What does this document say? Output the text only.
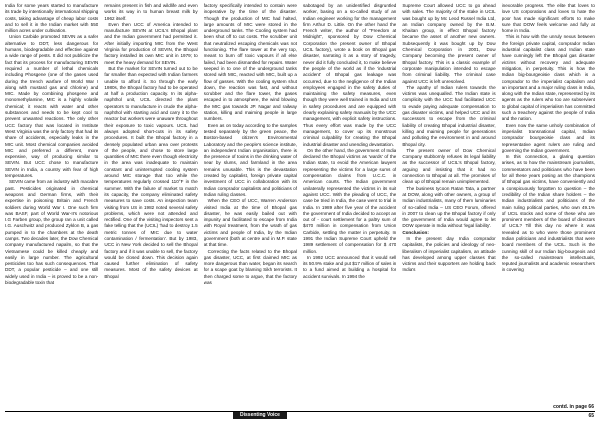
India for some years started to manufacture its trade by intentionally international shipping costs, taking advantage of cheap labor costs and to sell it in the Indian market with 550 million acres under cultivation.

Union Carbide promoted SEVIN as a safer alternative to DDT, less dangerous for humans, biodegradable and effective against a wide range of pests. It did not publicize the fact that its process for manufacturing SEVIN required a number of lethal chemicals including Phosgene (one of the gases used during the trench warfare of World War I along with mustard gas and chlorine) and MIC. Made by combining phosgene and monomethylamine, MIC is a highly volatile chemical; it reacts with water and other substances and needs to be kept cool to prevent unwanted reactions. The only other UCC factory that was located in Institute West Virginia was the only factory that had its share of accidents, especially leaks in the MIC unit. Most chemical companies avoided MIC and preferred a different, more expensive, way of producing similar to SEVIN. But UCC chose to manufacture SEVIN in India, a country with fear of high temperatures.

SEVIN came from an industry with macabre past. Pesticides originated in chemical weapons and German firms, with their expertise in poisoning Britain and French soldiers during World War I. One such firm was BASF, part of World War-II's notorious I.G Farben group, the group ran a unit called I.G. Auschwitz and produced Zyklon B, a gas pumped in to the chambers at the death camps. Two decades later, the Dow Chemical company manufactured napalm, so that the Vietnamese could be killed cheaply and easily in large number. The agricultural pesticides too has such consequences. That DDT, a popular pesticide – and one still widely used in India – is proved to be a non-biodegradable toxin that

remains present in fish and wildlife and even works its way in to human breast milk by 1962 itself.

Even then UCC of America intended to manufacture SEVIN at UCIL's Bhopal plant and the Indian government had permitted it. After initially importing MIC from the West Virginia for production of SEVIN, the Bhopal factory installed its own MIC unit in 1979; to meet the heavy demand for SEVIN.

But the market for SEVIN turned out to be far smaller than expected with Indian farmers unable to afford it. So through the early 1980s, the Bhopal factory had to be operated at half a production capacity. In its alpha-naphthol unit, UCIL directed the plant operators to manufacture in crude the alpha-naphthol with starting acid and carry it to the reactor but workers were unaware throughout their exposure to toxic vapours. UCIL had always adopted short-cuts in its safety procedures. It built the Bhopal factory in a densely populated urban area over protests of the people, and chose to store large quantities of MIC there even though electricity in the area was inadequate to maintain constant and uninterrupted cooling system around MIC storage that too while the temperatures regularly crossed 110°F in the summer. With the failure of market to match its capacity, the company eliminated safety measures to save costs. An inspection team visiting from US in 1982 noted several safety problems, which were not attended and rectified. One of the visiting inspectors sent a fake telling that the (UCIL) 'had to destroy 1.5 metric tonnes of MIC due to water contamination / fermentation'. But by 1983, UCC in New York decided to sell the Bhopal factory and if it was unable to sell, the factory would be closed down. This decision again caused further elimination of safety measures. Most of the safety devices at Bhopal

factory specifically intended to contain were inoperative by the time of the disaster. Though the production of MIC had halted, large amounts of MIC were stored in the underground tanks. The Cooling system had been shut off to cut costs. The scrubber unit that neutralized escaping chemicals was not functioning. The flare tower at the very top, meant to burn off toxic vapours if all else failed, had been dismantled for repairs. Water seeped in to one of the underground tanks stored with MIC, reacted with MIC, built up a flow of gasses. With the cooling system shut down, the reaction was fast, and without scrubber and the flare tower, the gases escaped in to atmosphere, the wind blowing the MIC gas towards JP. Nagar and railway station, killing and maiming people in large numbers.

Even as on today according to the samples tested separately by the green peace, the Boston-based citizen's Environmental Laboratory and the people's science institute, an independent Indian organisation, there is the presence of toxins in the drinking water of near by slums, and farmland in the area remains unusable. This is the devastation created by capitalist, foreign private capital investment of UCC in collaboration with its Indian comprador capitalists and politicians of Indian ruling classes.

When the CEO of UCC, Warren Anderson visited India at the time of Bhopal gas disaster, he was easily bailed out with impunity and facilitated to escape from India with Royal treatment, from the wrath of gas victims and people of India, by the Indian government (both at centre and in M.P. state at that time.

Correcting the facts related to the Bhopal gas disaster, UCC, at first claimed MIC as more dangerous than water, began its search for a scape goat by blaming Sikh terrorists. It then charged some to argue, that the factory was

sabotaged by an unidentified disgruntled worker, basing on a so-called study of an Indian engineer working for the management firm Arthur D. Little. On the other hand the French writer, the author of "Freedom at Midnight", sponsored by Dow Chemical Corporation the present owner of Bhopal UCIL factory), wrote a book on Bhopal gas disaster, narrating it as a story of tragedy, never did it fully concluded it, to make believe the people of the world as if the 'industrial accident' of Bhopal gas leakage was occurred, due to the negligence of the Indian employees engaged in the safety duties of maintaining the safety measures, even though they were well trained in India and US in safety procedures and are equipped with clearly explaining safety manuals by the UCC management, with explicit safety instructions. Thus every effort was made by the UCC management, to cover up its monstrous criminal culpability for creating the Bhopal industrial disaster and unending devastation.

On the other hand, the government of India declared the Bhopal victims as 'wards' of the Indian state, to evoid the American lawyers representing the victims for a large sums of compensation claims from U.C.C. in American courts. The Indian government unilaterally represented the victims in its suit against UCC. With the pleading of UCC, the case be tried in India, the case went to trial in India. In 1989 after five year of the accident the government of India decided to accept an out of - court settlement for a paltry sum of $470 million in compensation from Union Carbide, settling the matter in perpetuity. In 1991 the Indian Supreme Court upheld the 1989 settlement of compensation for $ 470 million.

In 1992 UCC announced that it would sell its 50.9% stake and put $17 million of sales in to a fund aimed at building a hospital for accident survivals. In 1994 the

Supreme Court allowed UCC to go ahead with sales. The majority of the stake in UCIL was bought up by Mc Leod Russel India Ltd, an Indian company owned by the B.M. Khaitan group, in effect Bhopal factory became the asset of another new owners. Subsequently it was bought up by Dow Chemical Corporation in 2001, Dow Company becoming the present owner of Bhopal factory. This is a classic example of corporate manipulation intended to escape from criminal liability. The criminal case against UCC is left unresolved.

The apathy of Indian rulers towards the victims was unequalled. The Indian state is complicity with the UCC had facilitated UCC to evade paying adequate compensation to gas disaster victims, and helped UCC and its successors to escape from the criminal liability of creating Bhopal industrial disaster, killing and maiming people for generations and polluting the environment in and around Bhopal city.

The present owner of Dow Chemical Company stubbornly refuses its legal liability as the successor of UCIL's Bhopal factory, arguing and insisting that it had no connection to Bhopal at all. The promises of clean up of Bhopal remain unimplemented.

The business tycoon Ratan Tata, a partner at DOW, along with other owners, a group of Indian industrialists, many of them luminaries of so-called India – US CEO Forum, offered in 2007 to clean up the Bhopal factory if only the government of India would agree to let DOW operate in India without 'legal liability'.

Conclusion:

In the present day India comprador capitalists, the policies and ideology of neo-liberalism of imperialist capitalism, an attitude has developed among upper classes that victims and their supporters are holding back India's

inexorable progress. The elite that loves to love US corporations and loves to hate the poor has made significant efforts to make sure that DOW feels welcome and fully at home in India.

This is how with the unruly nexus between the foreign private capital, comprador Indian industrial capitalist class and Indian state have cunningly left the Bhopal gas disaster victims without recovery and adequate mitigation, in perpetuity. This is how the Indian big-bourgeoisie class which is a comprador to the imperialist capitalism and an important and a major ruling class in India, along with the Indian state, represented by its agents as the rulers who too are subservient to global capital of imperialism has committed such a treachery against the people of India and the nation.

Even now the same unholy combination of imperialist transnational capital, Indian comprador bourgeoisie class and its representative agent rulers are ruling and governing the Indian government.

In this connection, a glaring question arises, as to how the mainstream journalists, commentators and politicians who have been for all these years posing as the champions of Bhopal gas victims, have conveniently and a conspicuously forgotten to question – the credibility of the Indian share holders – the Indian industrialists and politicians of the main ruling political parties, who own 49.1% of UCIL stocks and some of these who are prominent members of the board of directors of UCIL? Till this day no where it was revealed as to who were those prominent Indian politicians and industrialists that were board members of the UCIL. Such is the cunning skill of our Indian big-bourgeois and the so-called mainstream intellectuals, reputed journalists and academic researchers in covering

Dissenting Voice
contd. in page 66
65
